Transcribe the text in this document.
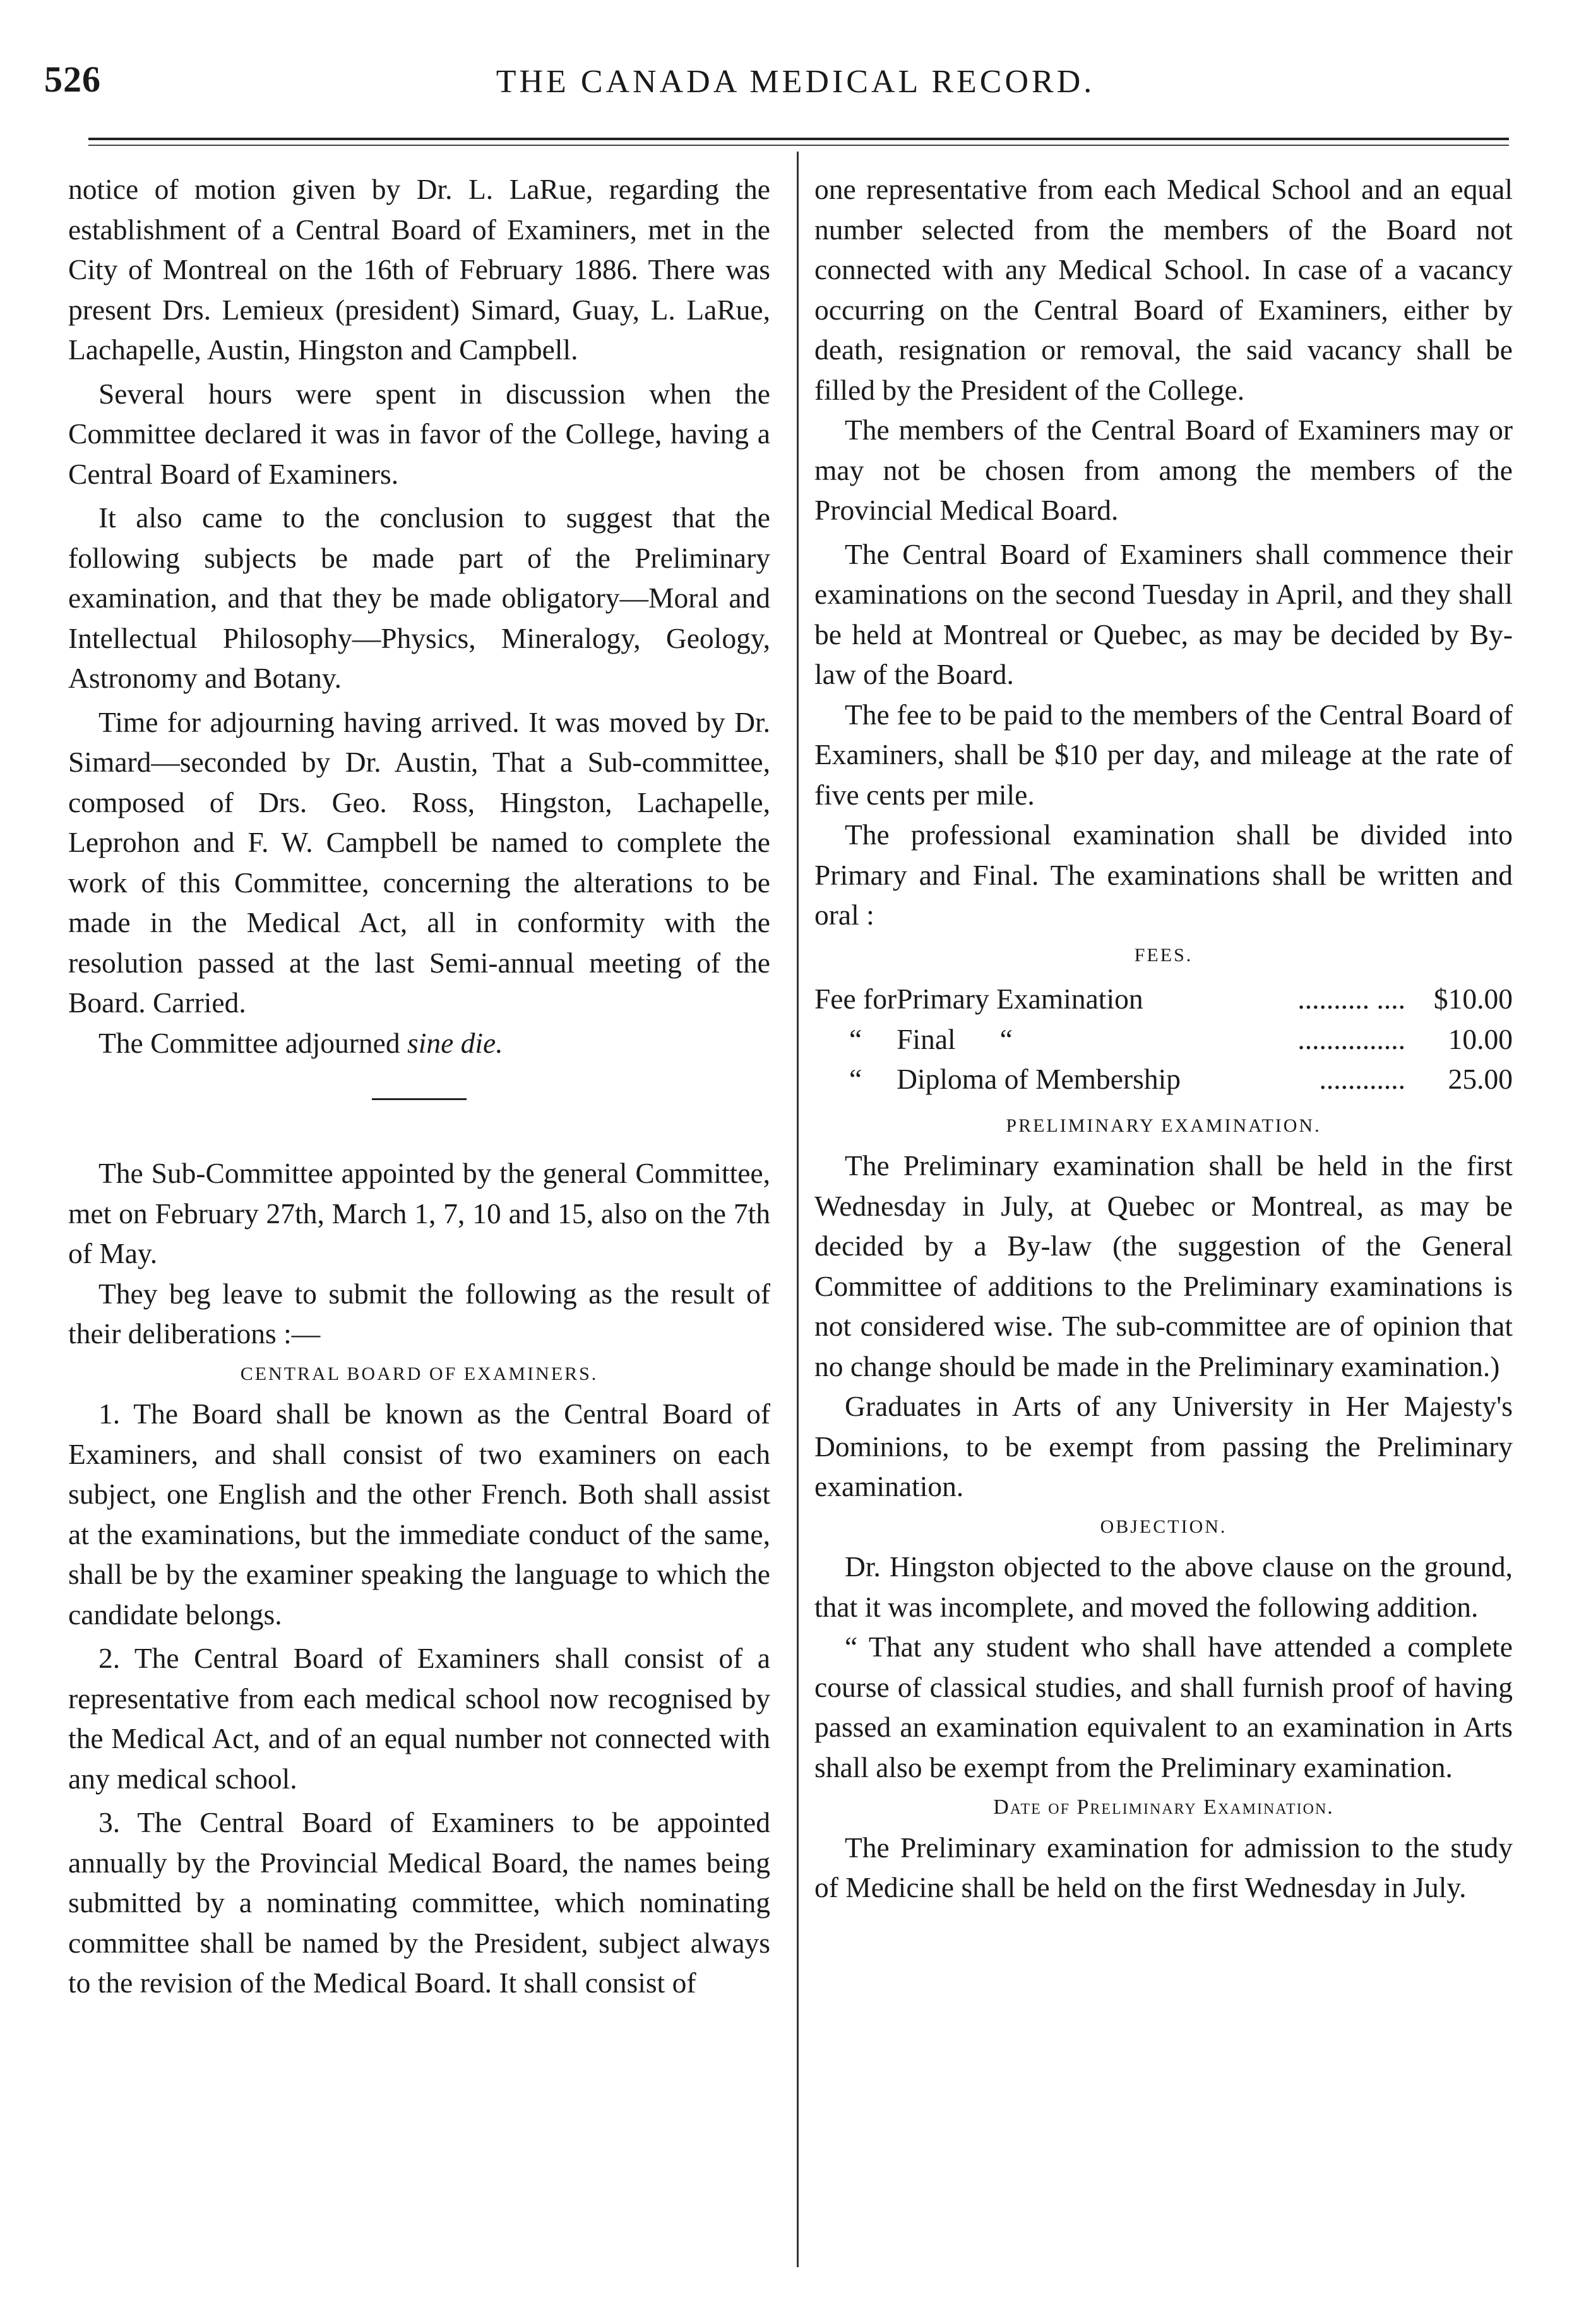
526	THE CANADA MEDICAL RECORD.

notice of motion given by Dr. L. LaRue, regarding the establishment of a Central Board of Examiners, met in the City of Montreal on the 16th of February 1886. There was present Drs. Lemieux (president) Simard, Guay, L. LaRue, Lachapelle, Austin, Hingston and Campbell.

Several hours were spent in discussion when the Committee declared it was in favor of the College, having a Central Board of Examiners.

It also came to the conclusion to suggest that the following subjects be made part of the Preliminary examination, and that they be made obligatory—Moral and Intellectual Philosophy—Physics, Mineralogy, Geology, Astronomy and Botany.

Time for adjourning having arrived. It was moved by Dr. Simard—seconded by Dr. Austin, That a Sub-committee, composed of Drs. Geo. Ross, Hingston, Lachapelle, Leprohon and F. W. Campbell be named to complete the work of this Committee, concerning the alterations to be made in the Medical Act, all in conformity with the resolution passed at the last Semi-annual meeting of the Board. Carried.

The Committee adjourned sine die.

The Sub-Committee appointed by the general Committee, met on February 27th, March 1, 7, 10 and 15, also on the 7th of May.

They beg leave to submit the following as the result of their deliberations :—

CENTRAL BOARD OF EXAMINERS.

1. The Board shall be known as the Central Board of Examiners, and shall consist of two examiners on each subject, one English and the other French. Both shall assist at the examinations, but the immediate conduct of the same, shall be by the examiner speaking the language to which the candidate belongs.

2. The Central Board of Examiners shall consist of a representative from each medical school now recognised by the Medical Act, and of an equal number not connected with any medical school.

3. The Central Board of Examiners to be appointed annually by the Provincial Medical Board, the names being submitted by a nominating committee, which nominating committee shall be named by the President, subject always to the revision of the Medical Board. It shall consist of

one representative from each Medical School and an equal number selected from the members of the Board not connected with any Medical School. In case of a vacancy occurring on the Central Board of Examiners, either by death, resignation or removal, the said vacancy shall be filled by the President of the College.

The members of the Central Board of Examiners may or may not be chosen from among the members of the Provincial Medical Board.

The Central Board of Examiners shall commence their examinations on the second Tuesday in April, and they shall be held at Montreal or Quebec, as may be decided by By-law of the Board.

The fee to be paid to the members of the Central Board of Examiners, shall be $10 per day, and mileage at the rate of five cents per mile.

The professional examination shall be divided into Primary and Final. The examinations shall be written and oral :

FEES.

Fee for	Primary Examination	.......... ....	$10.00
“	Final “	...............	10.00
“	Diploma of Membership	............	25.00

PRELIMINARY EXAMINATION.

The Preliminary examination shall be held in the first Wednesday in July, at Quebec or Montreal, as may be decided by a By-law (the suggestion of the General Committee of additions to the Preliminary examinations is not considered wise. The sub-committee are of opinion that no change should be made in the Preliminary examination.)

Graduates in Arts of any University in Her Majesty's Dominions, to be exempt from passing the Preliminary examination.

OBJECTION.

Dr. Hingston objected to the above clause on the ground, that it was incomplete, and moved the following addition.

“ That any student who shall have attended a complete course of classical studies, and shall furnish proof of having passed an examination equivalent to an examination in Arts shall also be exempt from the Preliminary examination.

Date of Preliminary Examination.

The Preliminary examination for admission to the study of Medicine shall be held on the first Wednesday in July.
